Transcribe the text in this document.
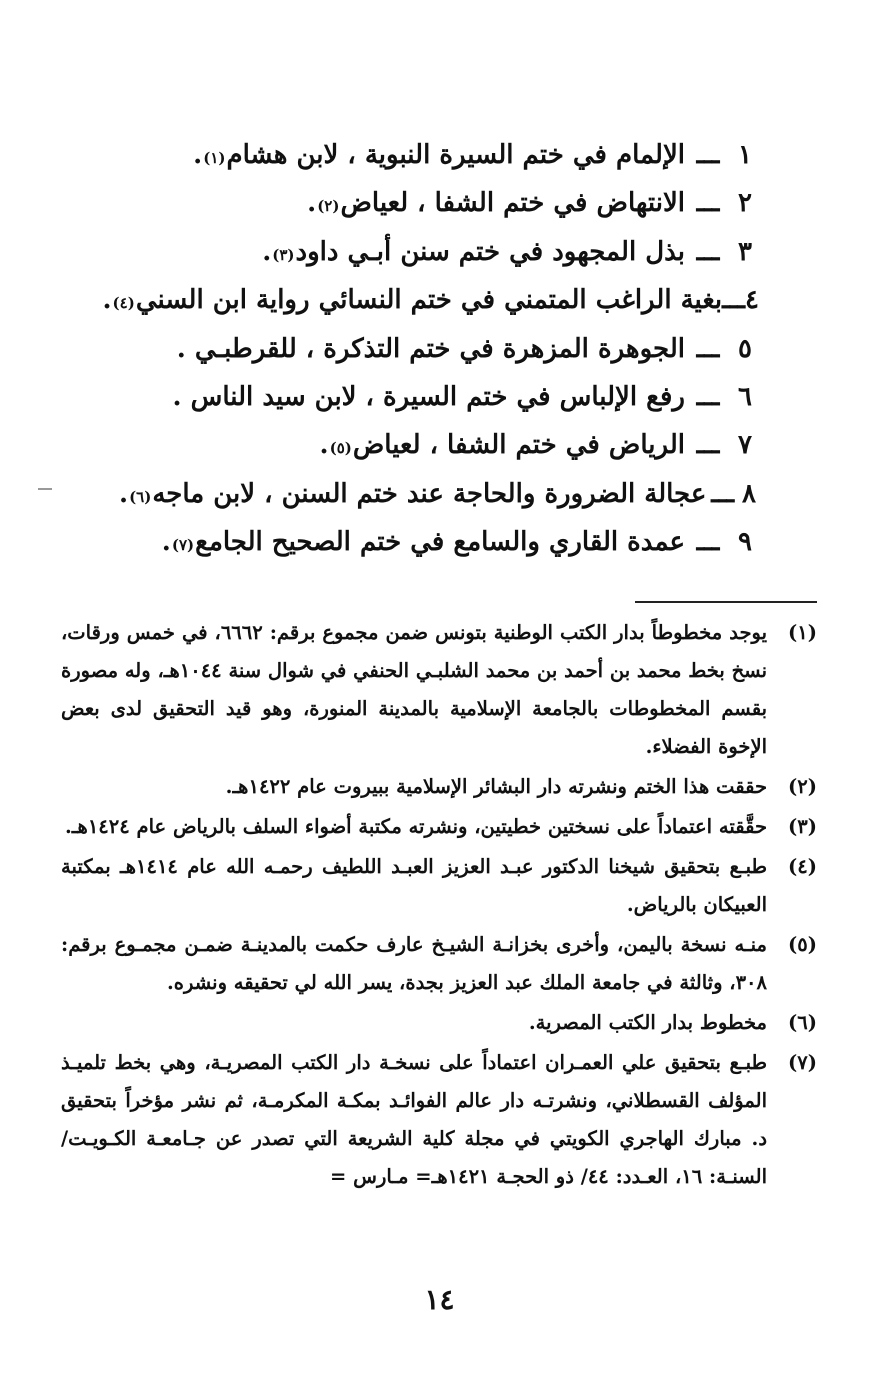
١
ـــ
الإلمام في ختم السيرة النبوية ، لابن هشام
(١)
.
٢
ـــ
الانتهاض في ختم الشفا ، لعياض
(٢)
.
٣
ـــ
بذل المجهود في ختم سنن أبـي داود
(٣)
.
٤
ـــ
بغية الراغب المتمني في ختم النسائي رواية ابن السني
(٤)
.
٥
ـــ
الجوهرة المزهرة في ختم التذكرة ، للقرطبـي .
٦
ـــ
رفع الإلباس في ختم السيرة ، لابن سيد الناس .
٧
ـــ
الرياض في ختم الشفا ، لعياض
(٥)
.
٨
ـــ
عجالة الضرورة والحاجة عند ختم السنن ، لابن ماجه
(٦)
.
٩
ـــ
عمدة القاري والسامع في ختم الصحيح الجامع
(٧)
.
(١)
يوجد مخطوطاً بدار الكتب الوطنية بتونس ضمن مجموع برقم: ٦٦٦٢، في خمس ورقات، نسخ بخط محمد بن أحمد بن محمد الشلبـي الحنفي في شوال سنة ١٠٤٤هـ، وله مصورة بقسم المخطوطات بالجامعة الإسلامية بالمدينة المنورة، وهو قيد التحقيق لدى بعض الإخوة الفضلاء.
(٢)
حققت هذا الختم ونشرته دار البشائر الإسلامية ببيروت عام ١٤٢٢هـ.
(٣)
حقَّقته اعتماداً على نسختين خطيتين، ونشرته مكتبة أضواء السلف بالرياض عام ١٤٢٤هـ.
(٤)
طبـع بتحقيق شيخنا الدكتور عبـد العزيز العبـد اللطيف رحمـه الله عام ١٤١٤هـ بمكتبة العبيكان بالرياض.
(٥)
منـه نسخة باليمن، وأخرى بخزانـة الشيـخ عارف حكمت بالمدينـة ضمـن مجمـوع برقم: ٣٠٨، وثالثة في جامعة الملك عبد العزيز بجدة، يسر الله لي تحقيقه ونشره.
(٦)
مخطوط بدار الكتب المصرية.
(٧)
طبـع بتحقيق علي العمـران اعتماداً على نسخـة دار الكتب المصريـة، وهي بخط تلميـذ المؤلف القسطلاني، ونشرتـه دار عالم الفوائـد بمكـة المكرمـة، ثم نشر مؤخراً بتحقيق د. مبارك الهاجري الكويتي في مجلة كلية الشريعة التي تصدر عن جـامعـة الكـويـت/ السنـة: ١٦، العـدد: ٤٤/ ذو الحجـة ١٤٢١هـ= مـارس =
١٤
